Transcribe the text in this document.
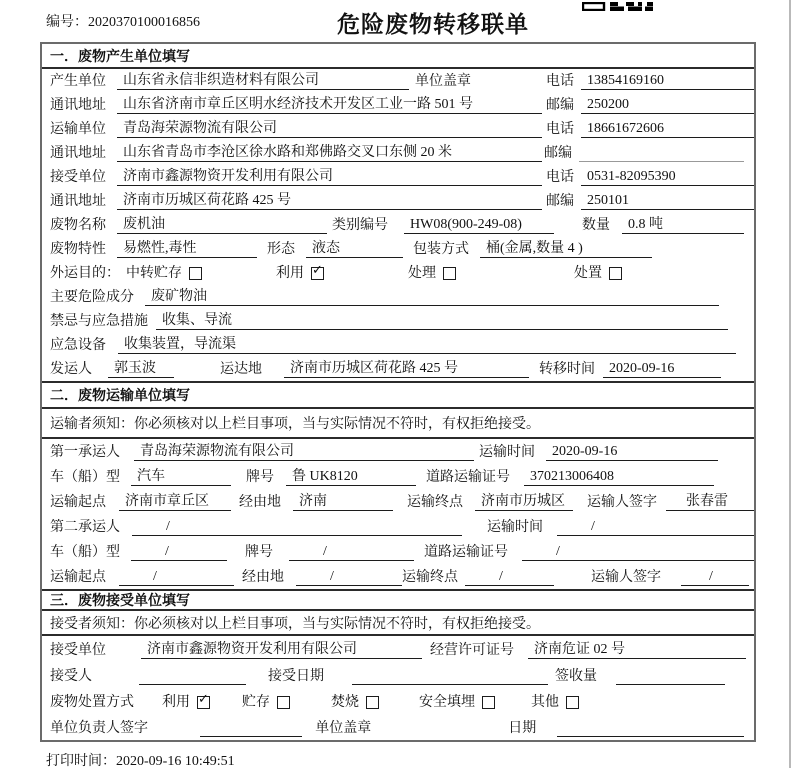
编号：2020370100016856	危险废物转移联单
一．废物产生单位填写
产生单位	山东省永信非织造材料有限公司	单位盖章	电话 13854169160
通讯地址	山东省济南市章丘区明水经济技术开发区工业一路 501 号	邮编 250200
运输单位	青岛海荣源物流有限公司	电话 18661672606
通讯地址	山东省青岛市李沧区徐水路和郑佛路交叉口东侧 20 米	邮编
接受单位	济南市鑫源物资开发利用有限公司	电话 0531-82095390
通讯地址	济南市历城区荷花路 425 号	邮编 250101
废物名称	废机油	类别编号	HW08(900-249-08)	数量	0.8 吨
废物特性	易燃性,毒性	形态	液态	包装方式	桶(金属,数量 4 )
外运目的： 中转贮存	利用 ✓	处理	处置
主要危险成分	废矿物油
禁忌与应急措施	收集、导流
应急设备	收集装置，导流渠
发运人	郭玉波	运达地	济南市历城区荷花路 425 号	转移时间	2020-09-16
二．废物运输单位填写
运输者须知：你必须核对以上栏目事项，当与实际情况不符时，有权拒绝接受。
第一承运人	青岛海荣源物流有限公司	运输时间	2020-09-16
车（船）型	汽车	牌号	鲁 UK8120	道路运输证号	370213006408
运输起点	济南市章丘区	经由地	济南	运输终点	济南市历城区	运输人签字	张春雷
第二承运人	/	运输时间	/
车（船）型	/	牌号	/	道路运输证号	/
运输起点	/	经由地	/	运输终点	/	运输人签字	/
三．废物接受单位填写
接受者须知：你必须核对以上栏目事项，当与实际情况不符时，有权拒绝接受。
接受单位	济南市鑫源物资开发利用有限公司	经营许可证号	济南危证 02 号
接受人	接受日期	签收量
废物处置方式 利用 ✓	贮存	焚烧	安全填埋	其他
单位负责人签字	单位盖章	日期
打印时间：2020-09-16 10:49:51
